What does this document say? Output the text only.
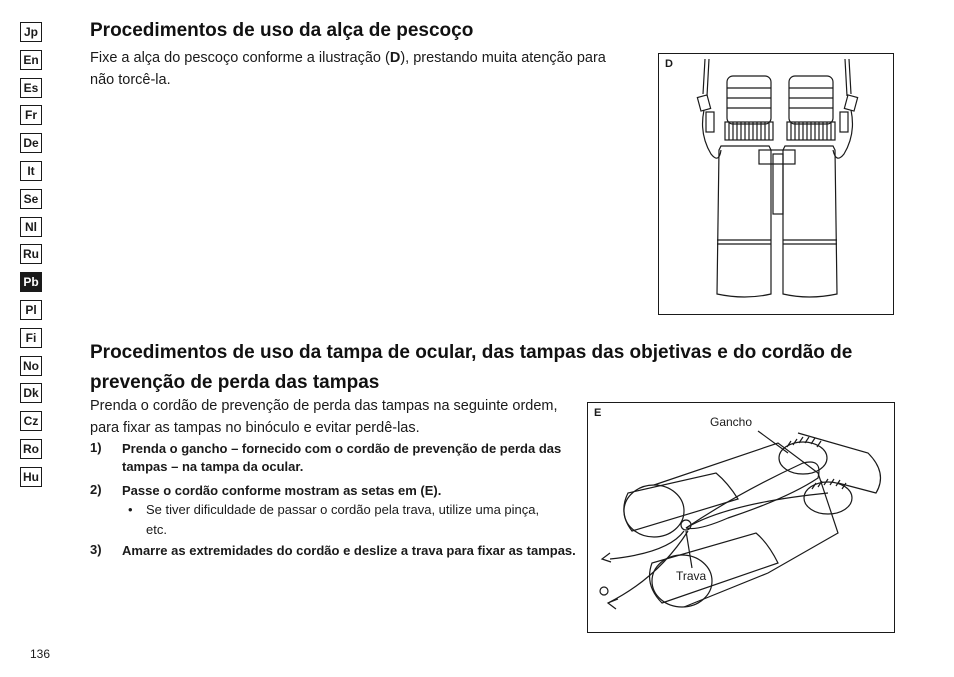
Jp
En
Es
Fr
De
It
Se
Nl
Ru
Pb
Pl
Fi
No
Dk
Cz
Ro
Hu
Procedimentos de uso da alça de pescoço

Fixe a alça do pescoço conforme a ilustração (D), prestando muita atenção para não torcê-la.

D
Procedimentos de uso da tampa de ocular, das tampas das objetivas e do cordão de prevenção de perda das tampas

Prenda o cordão de prevenção de perda das tampas na seguinte ordem, para fixar as tampas no binóculo e evitar perdê-las.

1) Prenda o gancho – fornecido com o cordão de prevenção de perda das tampas – na tampa da ocular.
2) Passe o cordão conforme mostram as setas em (E).
• Se tiver dificuldade de passar o cordão pela trava, utilize uma pinça, etc.
3) Amarre as extremidades do cordão e deslize a trava para fixar as tampas.
E
Gancho
Trava
136
